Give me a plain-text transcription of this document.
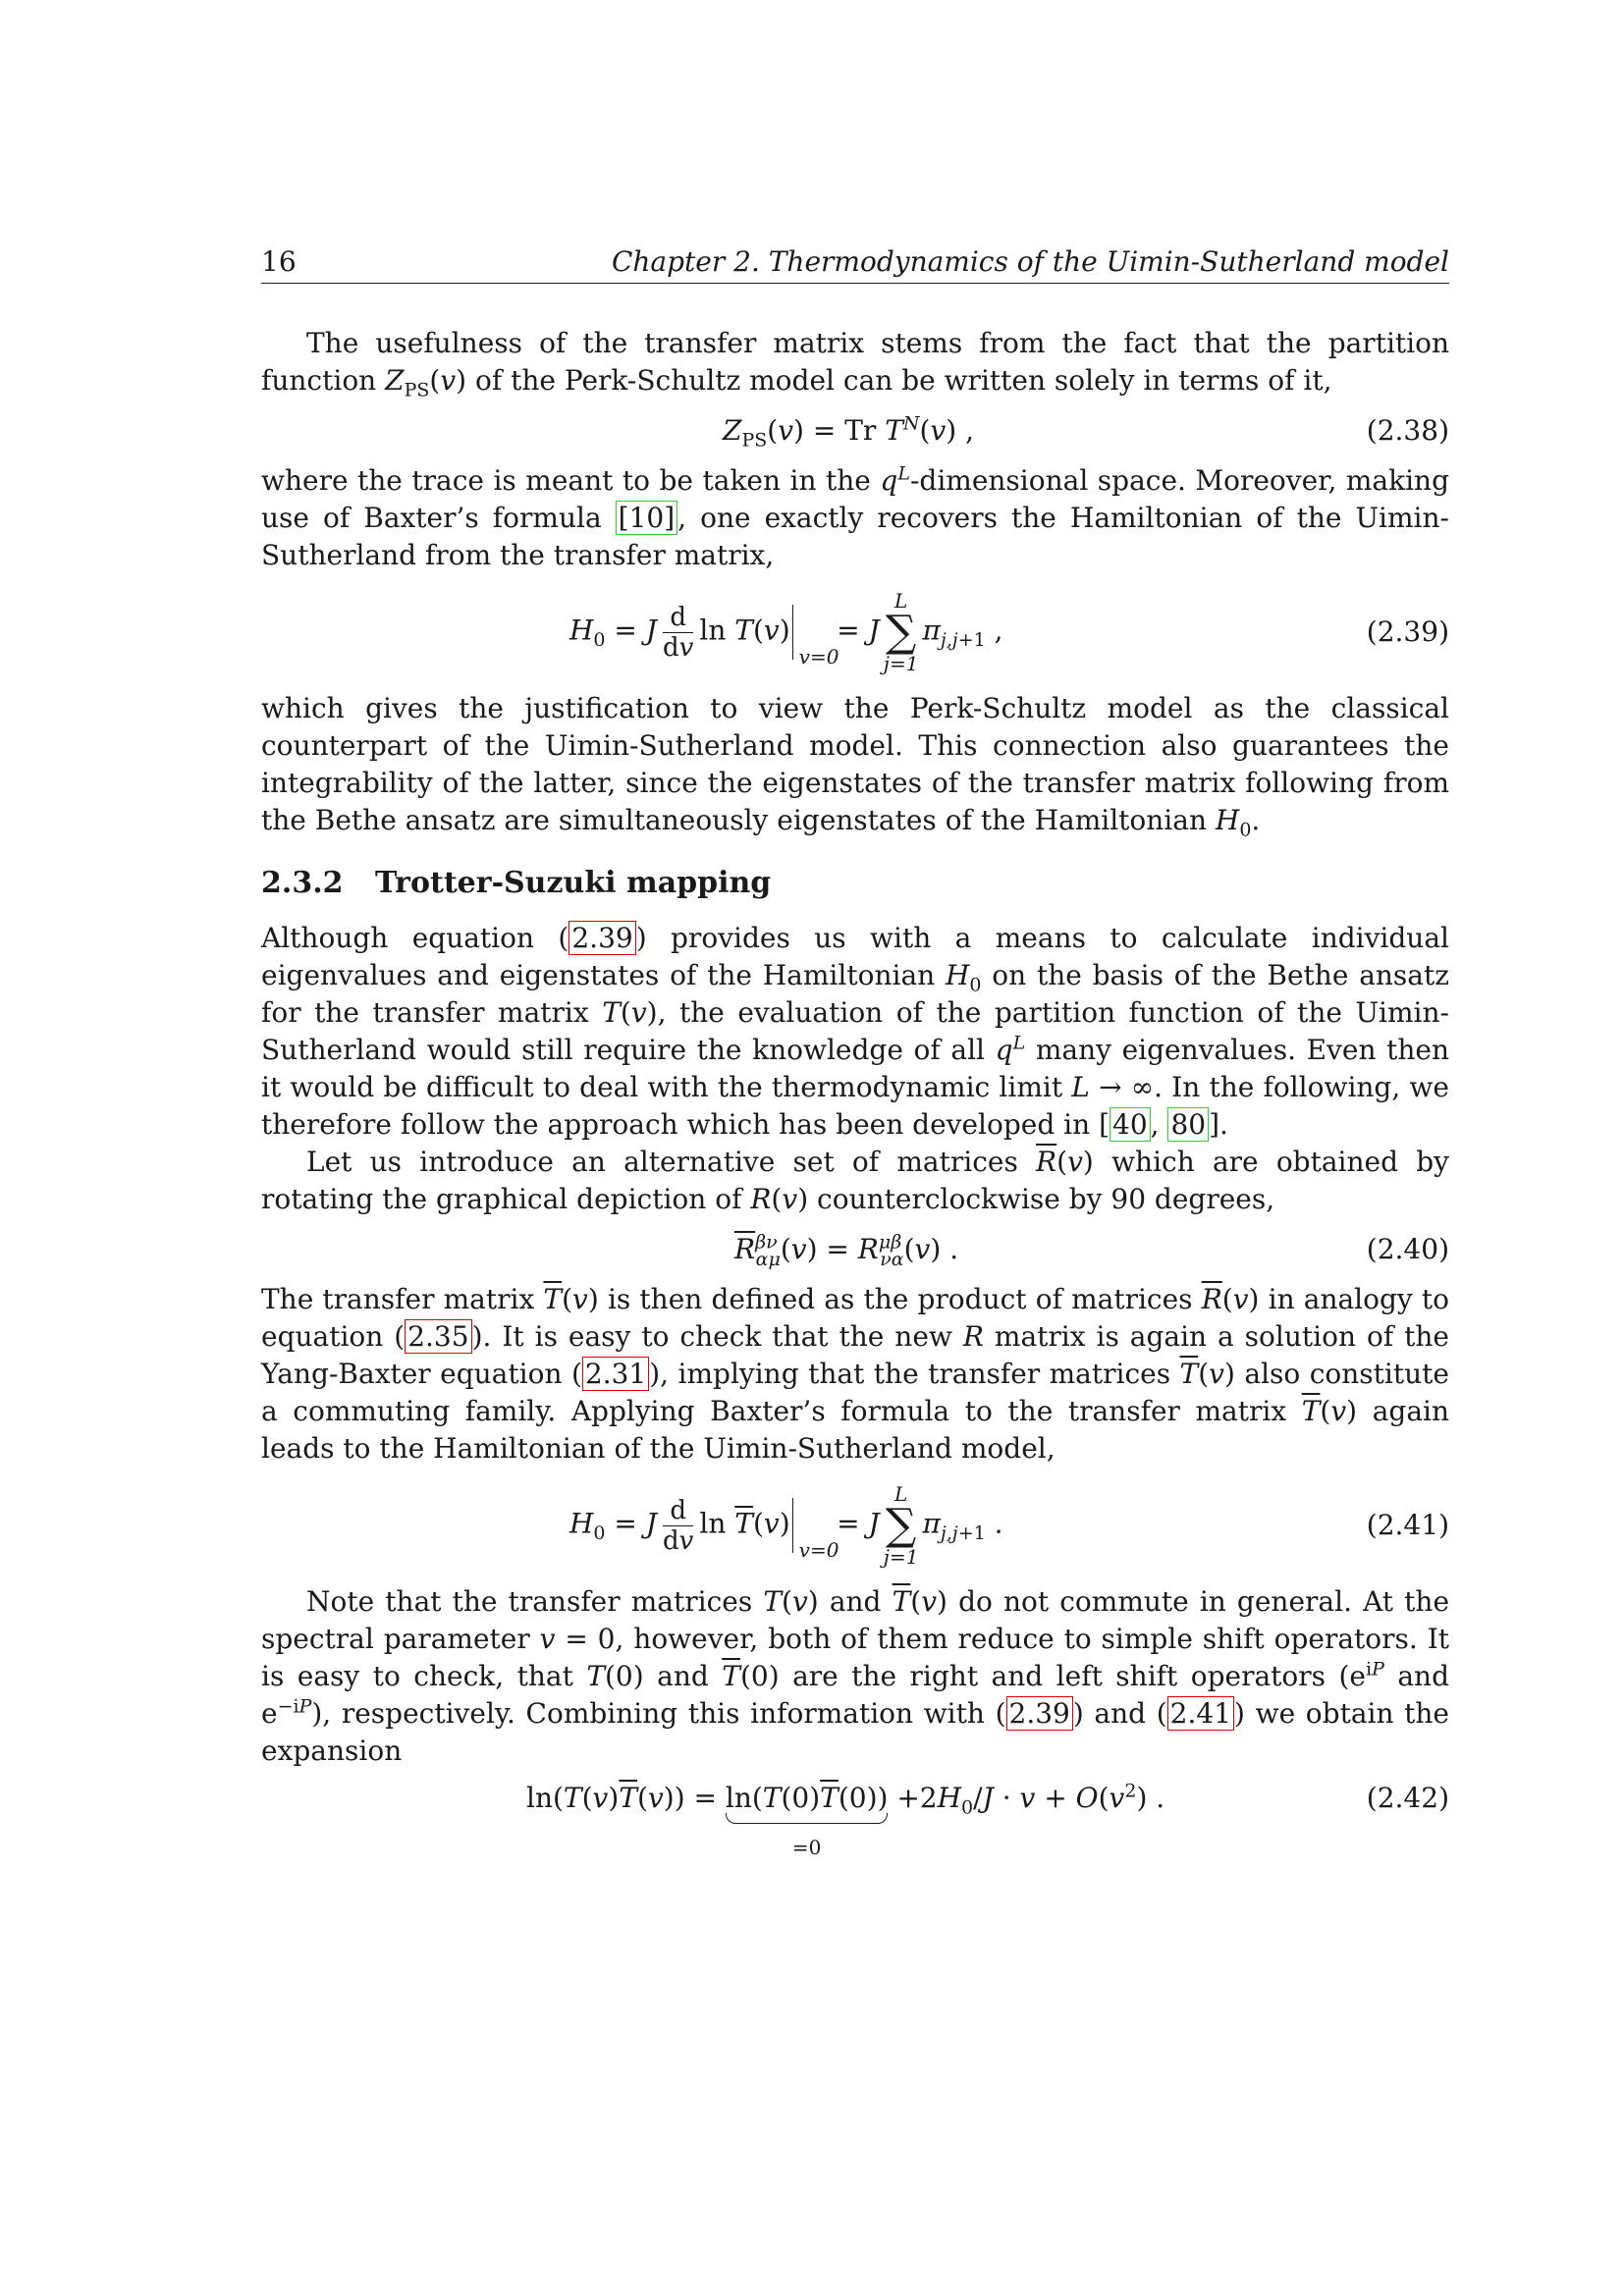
16	Chapter 2. Thermodynamics of the Uimin-Sutherland model

The usefulness of the transfer matrix stems from the fact that the partition function $Z_{PS}(v)$ of the Perk-Schultz model can be written solely in terms of it,

$Z_{PS}(v) = Tr$ $T^N(v)$ ,	(2.38)

where the trace is meant to be taken in the $q^L$-dimensional space. Moreover, making use of Baxter’s formula [10] , one exactly recovers the Hamiltonian of the Uimin-Sutherland from the transfer matrix,

$H_0 = J \frac{d}{dv}$ ln T(v)
v=0
= J
L
∑
j=1
$\pi_{j,j+1}$ ,	(2.39)

which gives the justification to view the Perk-Schultz model as the classical counterpart of the Uimin-Sutherland model. This connection also guarantees the integrability of the latter, since the eigenstates of the transfer matrix following from the Bethe ansatz are simultaneously eigenstates of the Hamiltonian $H_0$.

2.3.2 Trotter-Suzuki mapping

Although equation ( 2.39 ) provides us with a means to calculate individual eigenvalues and eigenstates of the Hamiltonian $H_0$ on the basis of the Bethe ansatz for the transfer matrix T(v), the evaluation of the partition function of the Uimin-Sutherland would still require the knowledge of all $q^L$ many eigenvalues. Even then it would be difficult to deal with the thermodynamic limit L → ∞. In the following, we therefore follow the approach which has been developed in [ 40 , 80 ].

Let us introduce an alternative set of matrices $\overline{R}(v)$ which are obtained by rotating the graphical depiction of R(v) counterclockwise by 90 degrees,

$\overline{R}^{\beta\nu}_{\alpha\mu}(v) = R^{\mu\beta}_{\nu\alpha}(v)$ .	(2.40)

The transfer matrix $\overline{T}(v)$ is then defined as the product of matrices $\overline{R}(v)$ in analogy to equation ( 2.35 ). It is easy to check that the new R matrix is again a solution of the Yang-Baxter equation ( 2.31 ), implying that the transfer matrices $\overline{T}(v)$ also constitute a commuting family. Applying Baxter’s formula to the transfer matrix $\overline{T}(v)$ again leads to the Hamiltonian of the Uimin-Sutherland model,

$H_0 = J \frac{d}{dv}$ $\ln \overline{T}(v)$
v=0
= J
L
∑
j=1
$\pi_{j,j+1}$ .	(2.41)

Note that the transfer matrices T(v) and $\overline{T}(v)$ do not commute in general. At the spectral parameter v = 0, however, both of them reduce to simple shift operators. It is easy to check, that T(0) and $\overline{T}(0)$ are the right and left shift operators ($e^{iP}$ and $e^{-iP}$), respectively. Combining this information with ( 2.39 ) and ( 2.41 ) we obtain the expansion

$\ln(T(v)\overline{T}(v)) = \ln(T(0)\overline{T}(0))$
=0
$+2H_0/J \cdot v + O(v^2)$ .	(2.42)
